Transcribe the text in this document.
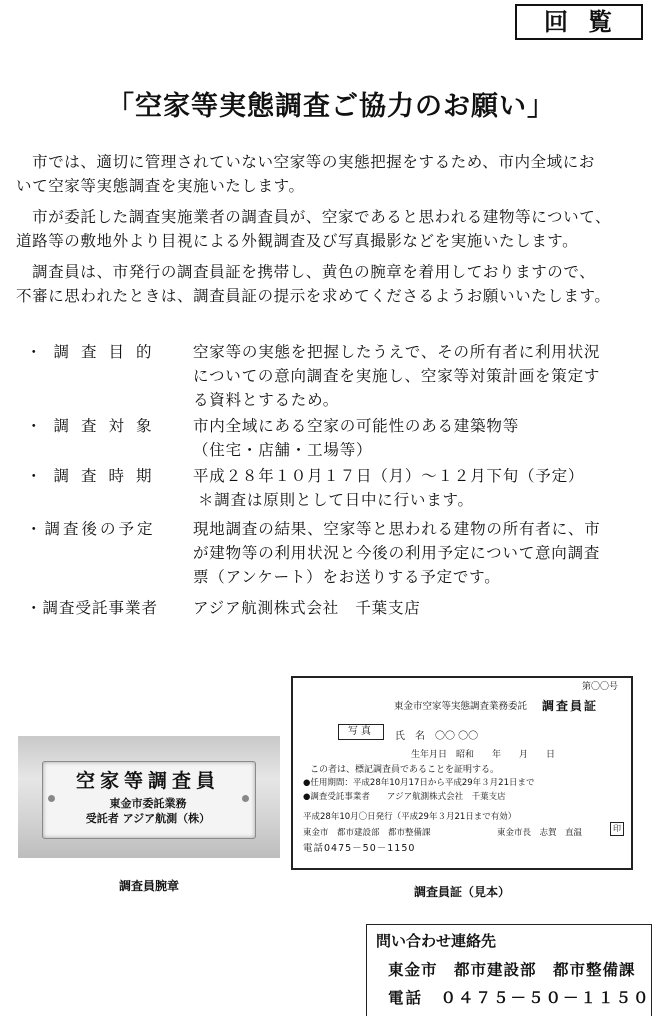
回覧
「空家等実態調査ご協力のお願い」
　市では、適切に管理されていない空家等の実態把握をするため、市内全域にお
いて空家等実態調査を実施いたします。
　市が委託した調査実施業者の調査員が、空家であると思われる建物等について、
道路等の敷地外より目視による外観調査及び写真撮影などを実施いたします。
　調査員は、市発行の調査員証を携帯し、黄色の腕章を着用しておりますので、
不審に思われたときは、調査員証の提示を求めてくださるようお願いいたします。
・調査目的 空家等の実態を把握したうえで、その所有者に利用状況
についての意向調査を実施し、空家等対策計画を策定す
る資料とするため。
・調査対象 市内全域にある空家の可能性のある建築物等
（住宅・店舗・工場等）
・調査時期 平成２８年１０月１７日（月）～１２月下旬（予定）
＊調査は原則として日中に行います。
・調査後の予定 現地調査の結果、空家等と思われる建物の所有者に、市
が建物等の利用状況と今後の利用予定について意向調査
票（アンケート）をお送りする予定です。
・調査受託事業者 アジア航測株式会社　千葉支店
空家等調査員
東金市委託業務
受託者 アジア航測（株）
調査員腕章
第〇〇号
東金市空家等実態調査業務委託 調査員証
写真	氏　名　〇〇 〇〇
生年月日　昭和　　年　　月　　日
この者は、標記調査員であることを証明する。
●任用期間：平成28年10月17日から平成29年３月21日まで
●調査受託事業者　　アジア航測株式会社　千葉支店
平成28年10月〇日発行（平成29年３月21日まで有効）
東金市　都市建設部　都市整備課	東金市長　志賀　直温	印
電話0475－50－1150
調査員証（見本）
問い合わせ連絡先
東金市　都市建設部　都市整備課
電話　０４７５－５０－１１５０
